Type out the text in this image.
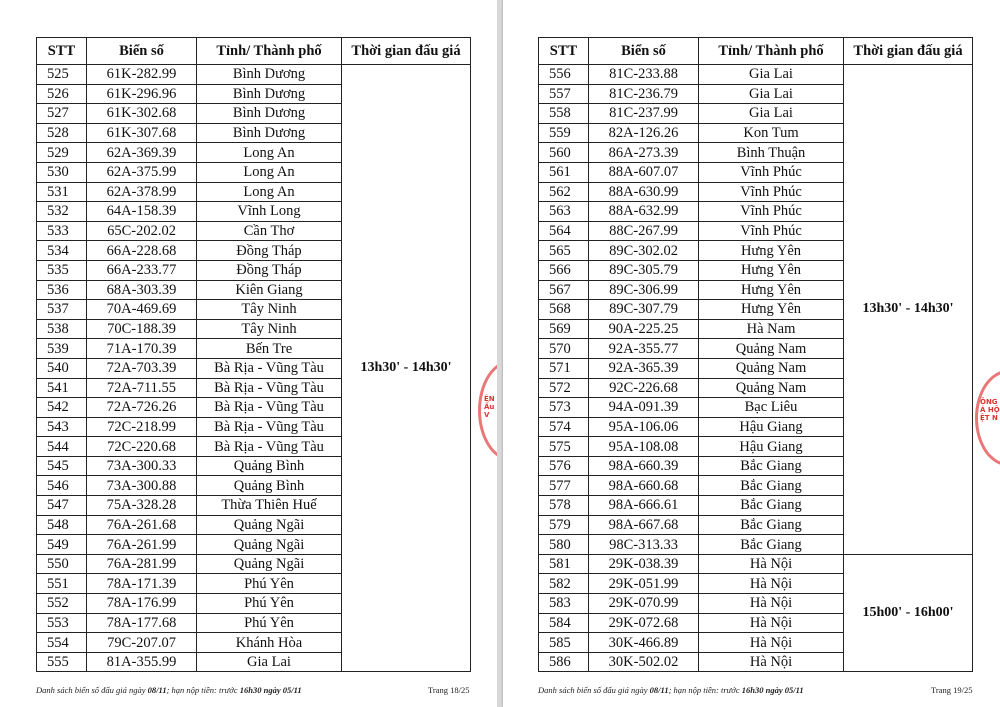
STT	Biển số	Tỉnh/ Thành phố	Thời gian đấu giá
525	61K-282.99	Bình Dương	13h30' - 14h30'
526	61K-296.96	Bình Dương	
527	61K-302.68	Bình Dương	
528	61K-307.68	Bình Dương	
529	62A-369.39	Long An	
530	62A-375.99	Long An	
531	62A-378.99	Long An	
532	64A-158.39	Vĩnh Long	
533	65C-202.02	Cần Thơ	
534	66A-228.68	Đồng Tháp	
535	66A-233.77	Đồng Tháp	
536	68A-303.39	Kiên Giang	
537	70A-469.69	Tây Ninh	
538	70C-188.39	Tây Ninh	
539	71A-170.39	Bến Tre	
540	72A-703.39	Bà Rịa - Vũng Tàu	
541	72A-711.55	Bà Rịa - Vũng Tàu	
542	72A-726.26	Bà Rịa - Vũng Tàu	
543	72C-218.99	Bà Rịa - Vũng Tàu	
544	72C-220.68	Bà Rịa - Vũng Tàu	
545	73A-300.33	Quảng Bình	
546	73A-300.88	Quảng Bình	
547	75A-328.28	Thừa Thiên Huế	
548	76A-261.68	Quảng Ngãi	
549	76A-261.99	Quảng Ngãi	
550	76A-281.99	Quảng Ngãi	
551	78A-171.39	Phú Yên	
552	78A-176.99	Phú Yên	
553	78A-177.68	Phú Yên	
554	79C-207.07	Khánh Hòa	
555	81A-355.99	Gia Lai	
Danh sách biển số đấu giá ngày 08/11; hạn nộp tiền: trước 16h30 ngày 05/11	Trang 18/25
ÊN
Ấu
V
STT	Biển số	Tỉnh/ Thành phố	Thời gian đấu giá
556	81C-233.88	Gia Lai	13h30' - 14h30'
557	81C-236.79	Gia Lai	
558	81C-237.99	Gia Lai	
559	82A-126.26	Kon Tum	
560	86A-273.39	Bình Thuận	
561	88A-607.07	Vĩnh Phúc	
562	88A-630.99	Vĩnh Phúc	
563	88A-632.99	Vĩnh Phúc	
564	88C-267.99	Vĩnh Phúc	
565	89C-302.02	Hưng Yên	
566	89C-305.79	Hưng Yên	
567	89C-306.99	Hưng Yên	
568	89C-307.79	Hưng Yên	
569	90A-225.25	Hà Nam	
570	92A-355.77	Quảng Nam	
571	92A-365.39	Quảng Nam	
572	92C-226.68	Quảng Nam	
573	94A-091.39	Bạc Liêu	
574	95A-106.06	Hậu Giang	
575	95A-108.08	Hậu Giang	
576	98A-660.39	Bắc Giang	
577	98A-660.68	Bắc Giang	
578	98A-666.61	Bắc Giang	
579	98A-667.68	Bắc Giang	
580	98C-313.33	Bắc Giang	
581	29K-038.39	Hà Nội	15h00' - 16h00'
582	29K-051.99	Hà Nội	
583	29K-070.99	Hà Nội	
584	29K-072.68	Hà Nội	
585	30K-466.89	Hà Nội	
586	30K-502.02	Hà Nội	
Danh sách biển số đấu giá ngày 08/11; hạn nộp tiền: trước 16h30 ngày 05/11	Trang 19/25
ÔNG
Á HỘ
ỆT N
